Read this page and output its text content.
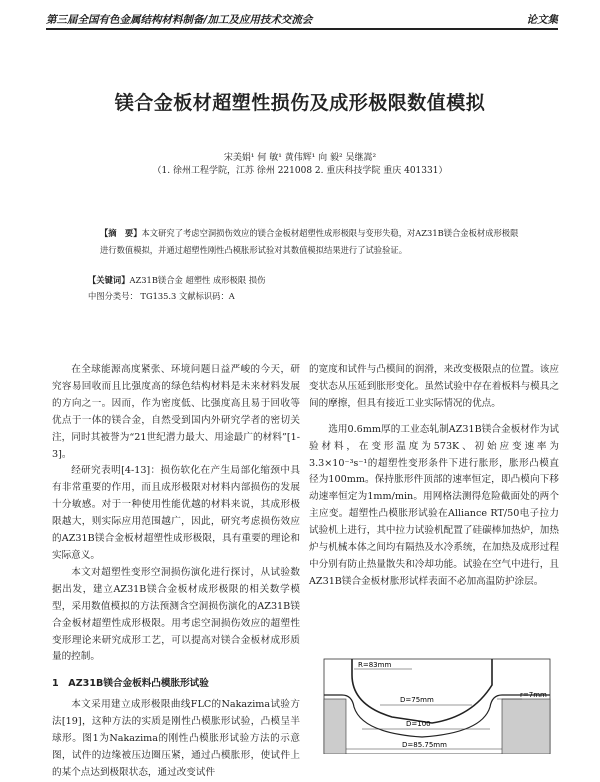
第三届全国有色金属结构材料制备/加工及应用技术交流会	论文集
镁合金板材超塑性损伤及成形极限数值模拟
宋美娟¹ 何 敏¹ 黄伟辉¹ 向 毅² 吴继嵩²
（1. 徐州工程学院，江苏 徐州 221008 2. 重庆科技学院 重庆 401331）
【摘　要】本文研究了考虑空洞损伤效应的镁合金板材超塑性成形极限与变形失稳，对AZ31B镁合金板材成形极限进行数值模拟，并通过超塑性刚性凸模胀形试验对其数值模拟结果进行了试验验证。
【关键词】AZ31B镁合金 超塑性 成形极限 损伤
中图分类号： TG135.3 文献标识码：A

在全球能源高度紧张、环境问题日益严峻的今天，研究容易回收而且比强度高的绿色结构材料是未来材料发展的方向之一。因而，作为密度低、比强度高且易于回收等优点于一体的镁合金，自然受到国内外研究学者的密切关注，同时其被誉为“21世纪潜力最大、用途最广的材料”[1-3]。

经研究表明[4-13]：损伤软化在产生局部化缩颈中具有非常重要的作用，而且成形极限对材料内部损伤的发展十分敏感。对于一种使用性能优越的材料来说，其成形极限越大，则实际应用范围越广，因此，研究考虑损伤效应的AZ31B镁合金板材超塑性成形极限，具有重要的理论和实际意义。

本文对超塑性变形空洞损伤演化进行探讨，从试验数据出发，建立AZ31B镁合金板材成形极限的相关数学模型，采用数值模拟的方法预测含空洞损伤演化的AZ31B镁合金板材超塑性成形极限。用考虑空洞损伤效应的超塑性变形理论来研究成形工艺，可以提高对镁合金板材成形质量的控制。

1　AZ31B镁合金板料凸模胀形试验

本文采用建立成形极限曲线FLC的Nakazima试验方法[19]，这种方法的实质是刚性凸模胀形试验，凸模呈半球形。图1为Nakazima的刚性凸模胀形试验方法的示意图，试件的边缘被压边圈压紧，通过凸模胀形，使试件上的某个点达到极限状态，通过改变试件

的宽度和试件与凸模间的润滑，来改变极限点的位置。该应变状态从压延到胀形变化。虽然试验中存在着板料与模具之间的摩擦，但具有接近工业实际情况的优点。

选用0.6mm厚的工业态轧制AZ31B镁合金板材作为试验材料，在变形温度为573K、初始应变速率为3.3×10⁻³s⁻¹的超塑性变形条件下进行胀形，胀形凸模直径为100mm。保持胀形件顶部的速率恒定，即凸模向下移动速率恒定为1mm/min。用网格法测得危险截面处的两个主应变。超塑性凸模胀形试验在Alliance RT/50电子拉力试验机上进行，其中拉力试验机配置了硅碳棒加热炉，加热炉与机械本体之间均有隔热及水冷系统，在加热及成形过程中分别有防止热量散失和冷却功能。试验在空气中进行，且AZ31B镁合金板材胀形试样表面不必加高温防护涂层。

R=83mm
D=75mm
r=7mm
D=100
D=85.75mm
